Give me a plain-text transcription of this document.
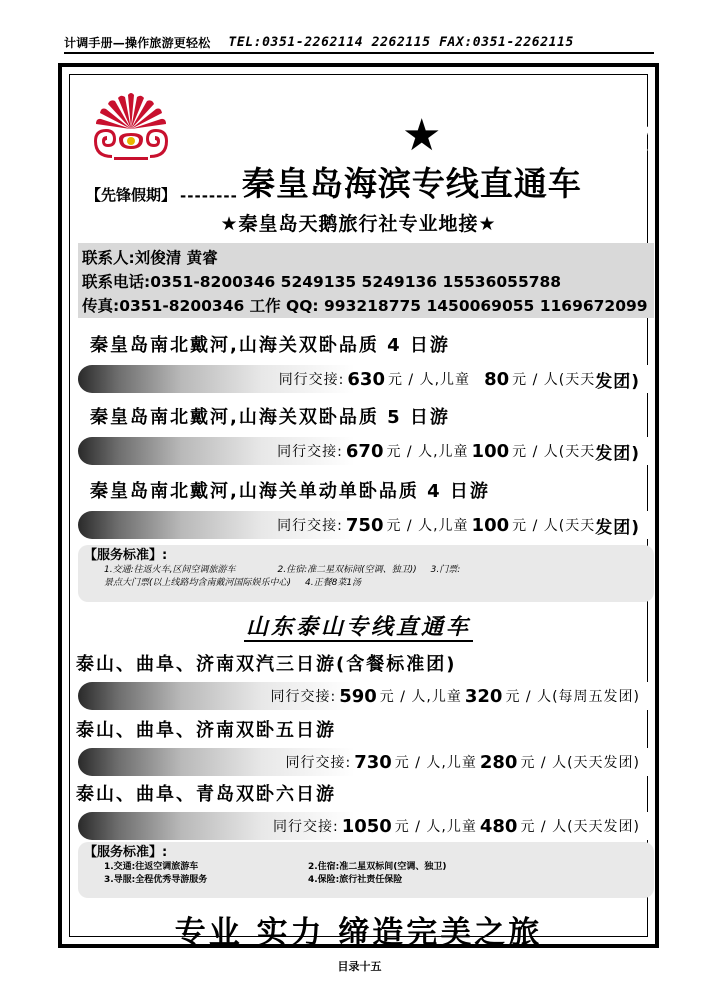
计调手册—操作旅游更轻松 TEL:0351-2262114 2262115 FAX:0351-2262115
新闻国旅 ★ 同业中心
【先锋假期】 -------- 秦皇岛海滨专线直通车
★秦皇岛天鹅旅行社专业地接★
联系人:刘俊清 黄睿
联系电话:0351-8200346 5249135 5249136 15536055788
传真:0351-8200346 工作 QQ: 993218775 1450069055 1169672099
秦皇岛南北戴河,山海关双卧品质 4 日游
同行交接: 630 元 / 人,儿童 80 元 / 人(天天 发团)
秦皇岛南北戴河,山海关双卧品质 5 日游
同行交接: 670 元 / 人,儿童 100 元 / 人(天天 发团)
秦皇岛南北戴河,山海关单动单卧品质 4 日游
同行交接: 750 元 / 人,儿童 100 元 / 人(天天 发团)
【服务标准】:
1.交通:往返火车,区间空调旅游车	2.住宿:准二星双标间(空调、独卫)) 3.门票:
景点大门票(以上线路均含南戴河国际娱乐中心) 4.正餐8菜1汤
山东泰山专线直通车
泰山、曲阜、济南双汽三日游(含餐标准团)
同行交接: 590 元 / 人,儿童 320 元 / 人(每周五发团)
泰山、曲阜、济南双卧五日游
同行交接: 730 元 / 人,儿童 280 元 / 人(天天发团)
泰山、曲阜、青岛双卧六日游
同行交接: 1050 元 / 人,儿童 480 元 / 人(天天发团)
【服务标准】:
1.交通:往返空调旅游车	2.住宿:准二星双标间(空调、独卫)
3.导服:全程优秀导游服务	4.保险:旅行社责任保险
专业 实力 缔造完美之旅
目录十五
